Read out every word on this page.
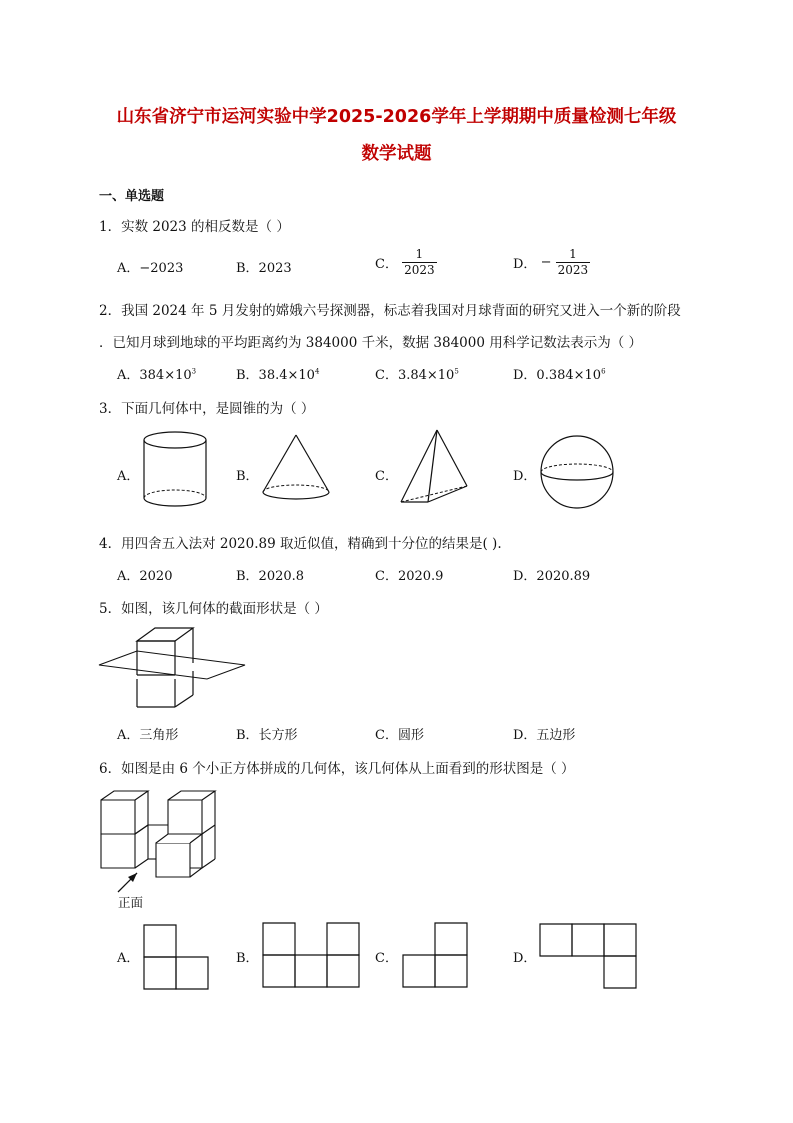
山东省济宁市运河实验中学2025-2026学年上学期期中质量检测七年级
数学试题
一、单选题
1．实数 2023 的相反数是（ ）
A．−2023	B．2023	C． $\frac{1}{2023}$	D． − $\frac{1}{2023}$
2．我国 2024 年 5 月发射的嫦娥六号探测器，标志着我国对月球背面的研究又进入一个新的阶段
．已知月球到地球的平均距离约为 384000 千米，数据 384000 用科学记数法表示为（ ）
A．$384\times 10^3$	B．$38.4\times 10^4$	C．$3.84\times 10^5$	D．$0.384\times 10^6$
3．下面几何体中，是圆锥的为（ ）
A．	B．	C．	D．
4．用四舍五入法对 2020.89 取近似值，精确到十分位的结果是( ).
A．2020	B．2020.8	C．2020.9	D．2020.89
5．如图，该几何体的截面形状是（ ）
A．三角形	B．长方形	C．圆形	D．五边形
6．如图是由 6 个小正方体拼成的几何体，该几何体从上面看到的形状图是（ ）
正面
A．	B．	C．	D．
